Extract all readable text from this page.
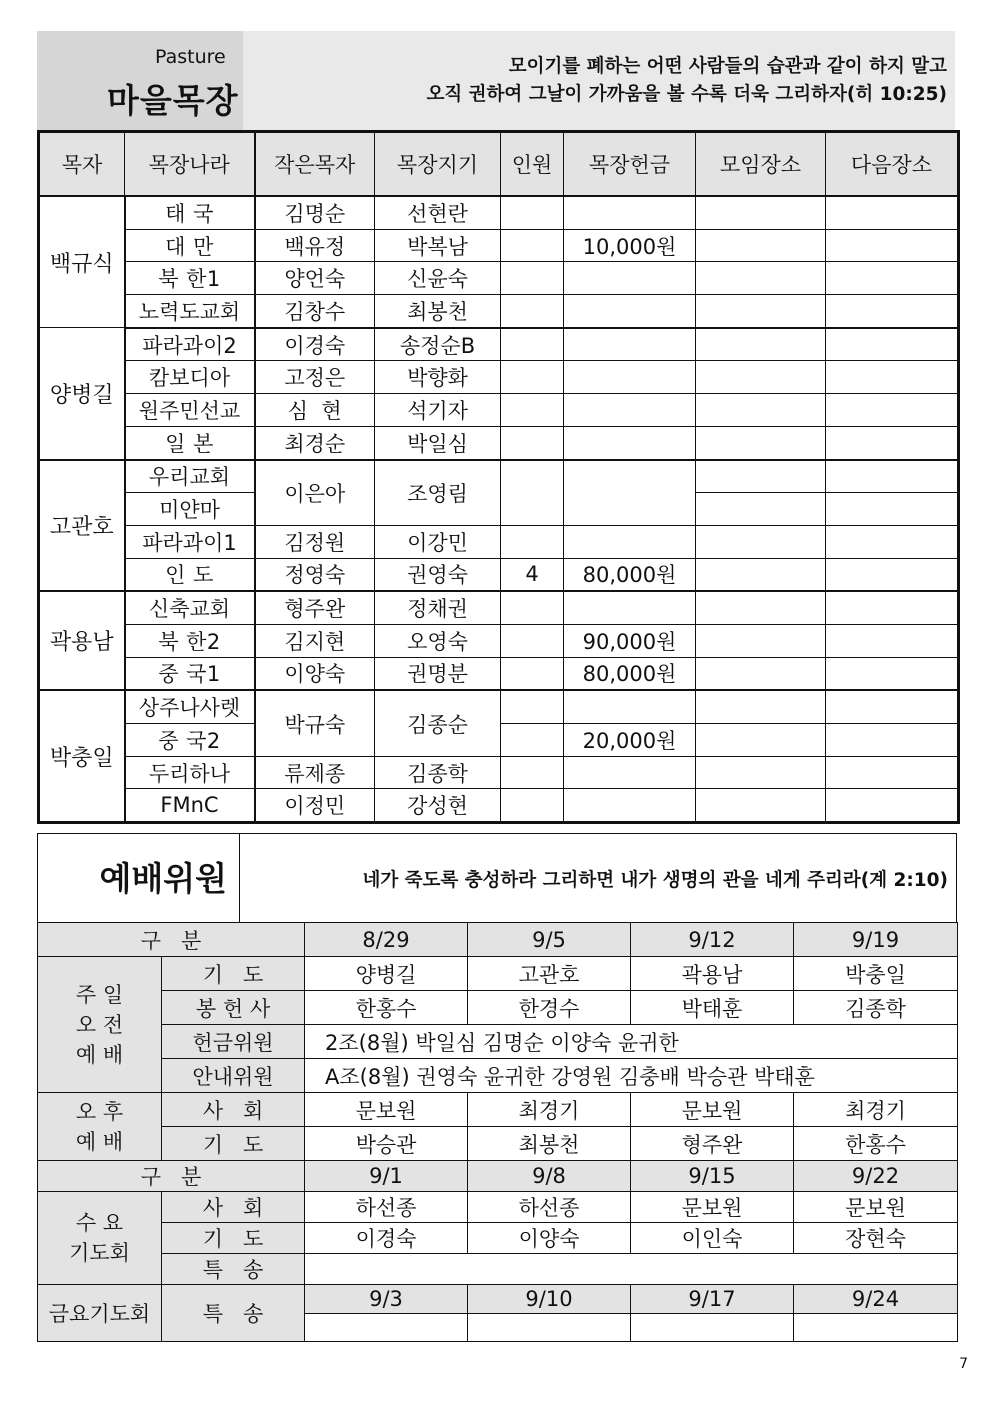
Pasture
마을목장
모이기를 폐하는 어떤 사람들의 습관과 같이 하지 말고
오직 권하여 그날이 가까움을 볼 수록 더욱 그리하자(히 10:25)
목자	목장나라	작은목자	목장지기	인원	목장헌금	모임장소	다음장소
백규식	태 국	김명순	선현란				
	대 만	백유정	박복남		10,000원		
	북 한1	양언숙	신윤숙				
	노력도교회	김창수	최봉천				
양병길	파라과이2	이경숙	송정순B				
	캄보디아	고정은	박향화				
	원주민선교	심  현	석기자				
	일 본	최경순	박일심				
고관호	우리교회	이은아	조영림				
	미얀마						
	파라과이1	김정원	이강민				
	인 도	정영숙	권영숙	4	80,000원		
곽용남	신축교회	형주완	정채권				
	북 한2	김지현	오영숙		90,000원		
	중 국1	이양숙	권명분		80,000원		
박충일	상주나사렛	박규숙	김종순				
	중 국2				20,000원		
	두리하나	류제종	김종학				
	FMnC	이정민	강성현				
예배위원	네가 죽도록 충성하라 그리하면 내가 생명의 관을 네게 주리라(계 2:10)
구   분		8/29	9/5	9/12	9/19
주 일
오 전
예 배	기   도	양병길	고관호	곽용남	박충일
	봉 헌 사	한홍수	한경수	박태훈	김종학
	헌금위원	2조(8월) 박일심 김명순 이양숙 윤귀한			
	안내위원	A조(8월) 권영숙 윤귀한 강영원 김충배 박승관 박태훈			
오 후
예 배	사   회	문보원	최경기	문보원	최경기
	기   도	박승관	최봉천	형주완	한홍수
구   분		9/1	9/8	9/15	9/22
수 요
기도회	사   회	하선종	하선종	문보원	문보원
	기   도	이경숙	이양숙	이인숙	장현숙
	특   송				
금요기도회	특   송	9/3	9/10	9/17	9/24

7
